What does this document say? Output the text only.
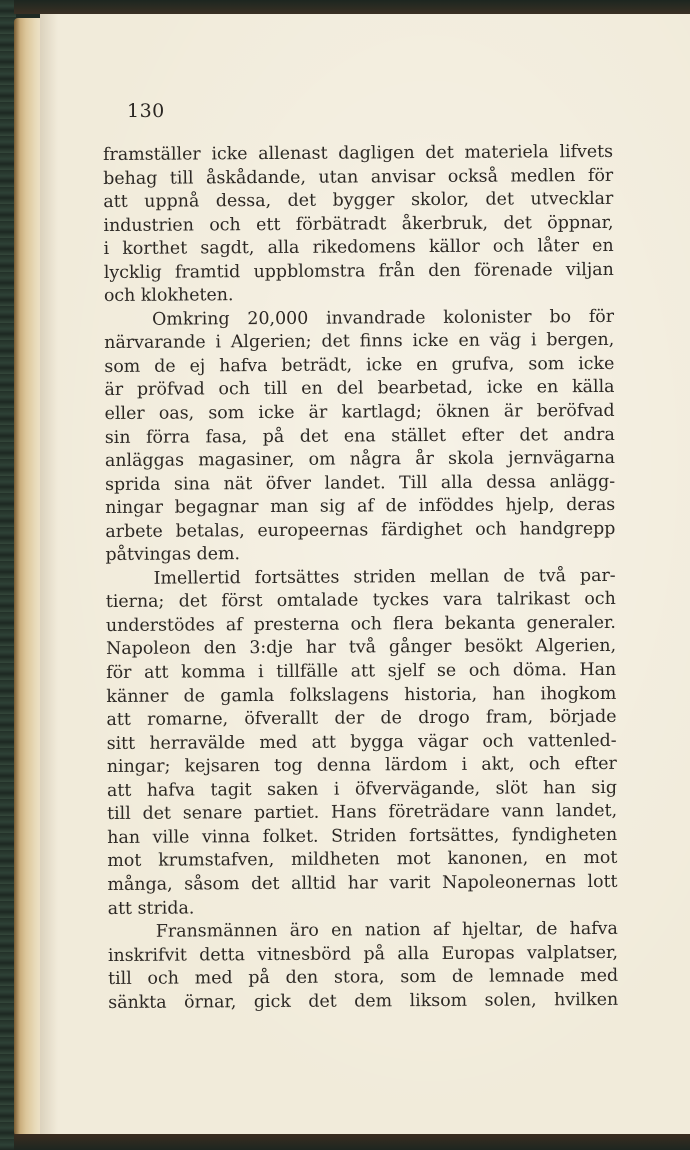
130

framställer icke allenast dagligen det materiela lifvets

behag till åskådande, utan anvisar också medlen för

att uppnå dessa, det bygger skolor, det utvecklar

industrien och ett förbätradt åkerbruk, det öppnar,

i korthet sagdt, alla rikedomens källor och låter en

lycklig framtid uppblomstra från den förenade viljan

och klokheten.

Omkring 20,000 invandrade kolonister bo för

närvarande i Algerien; det finns icke en väg i bergen,

som de ej hafva beträdt, icke en grufva, som icke

är pröfvad och till en del bearbetad, icke en källa

eller oas, som icke är kartlagd; öknen är beröfvad

sin förra fasa, på det ena stället efter det andra

anläggas magasiner, om några år skola jernvägarna

sprida sina nät öfver landet. Till alla dessa anlägg-

ningar begagnar man sig af de inföddes hjelp, deras

arbete betalas, europeernas färdighet och handgrepp

påtvingas dem.

Imellertid fortsättes striden mellan de två par-

tierna; det först omtalade tyckes vara talrikast och

understödes af presterna och flera bekanta generaler.

Napoleon den 3:dje har två gånger besökt Algerien,

för att komma i tillfälle att sjelf se och döma. Han

känner de gamla folkslagens historia, han ihogkom

att romarne, öfverallt der de drogo fram, började

sitt herravälde med att bygga vägar och vattenled-

ningar; kejsaren tog denna lärdom i akt, och efter

att hafva tagit saken i öfvervägande, slöt han sig

till det senare partiet. Hans företrädare vann landet,

han ville vinna folket. Striden fortsättes, fyndigheten

mot krumstafven, mildheten mot kanonen, en mot

många, såsom det alltid har varit Napoleonernas lott

att strida.

Fransmännen äro en nation af hjeltar, de hafva

inskrifvit detta vitnesbörd på alla Europas valplatser,

till och med på den stora, som de lemnade med

sänkta örnar, gick det dem liksom solen, hvilken
